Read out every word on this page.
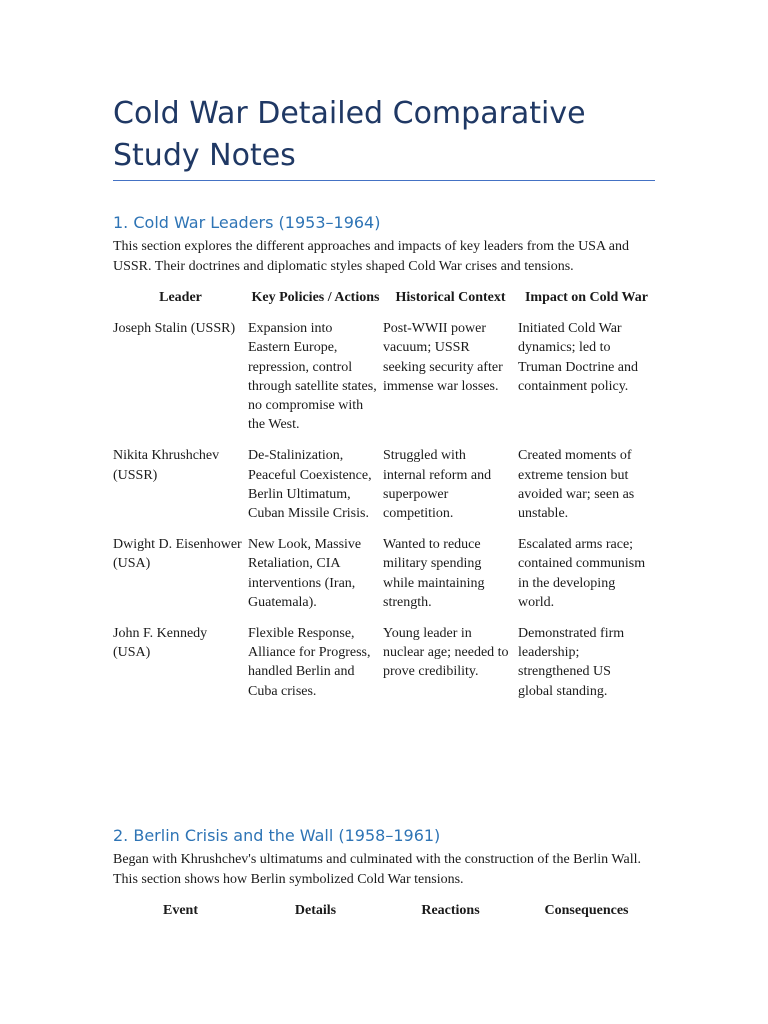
Cold War Detailed Comparative Study Notes
1. Cold War Leaders (1953–1964)

This section explores the different approaches and impacts of key leaders from the USA and USSR. Their doctrines and diplomatic styles shaped Cold War crises and tensions.

Leader	Key Policies / Actions	Historical Context	Impact on Cold War
Joseph Stalin (USSR)	Expansion into Eastern Europe, repression, control through satellite states, no compromise with the West.	Post-WWII power vacuum; USSR seeking security after immense war losses.	Initiated Cold War dynamics; led to Truman Doctrine and containment policy.
Nikita Khrushchev (USSR)	De-Stalinization, Peaceful Coexistence, Berlin Ultimatum, Cuban Missile Crisis.	Struggled with internal reform and superpower competition.	Created moments of extreme tension but avoided war; seen as unstable.
Dwight D. Eisenhower (USA)	New Look, Massive Retaliation, CIA interventions (Iran, Guatemala).	Wanted to reduce military spending while maintaining strength.	Escalated arms race; contained communism in the developing world.
John F. Kennedy (USA)	Flexible Response, Alliance for Progress, handled Berlin and Cuba crises.	Young leader in nuclear age; needed to prove credibility.	Demonstrated firm leadership; strengthened US global standing.
2. Berlin Crisis and the Wall (1958–1961)

Began with Khrushchev's ultimatums and culminated with the construction of the Berlin Wall. This section shows how Berlin symbolized Cold War tensions.

Event	Details	Reactions	Consequences
